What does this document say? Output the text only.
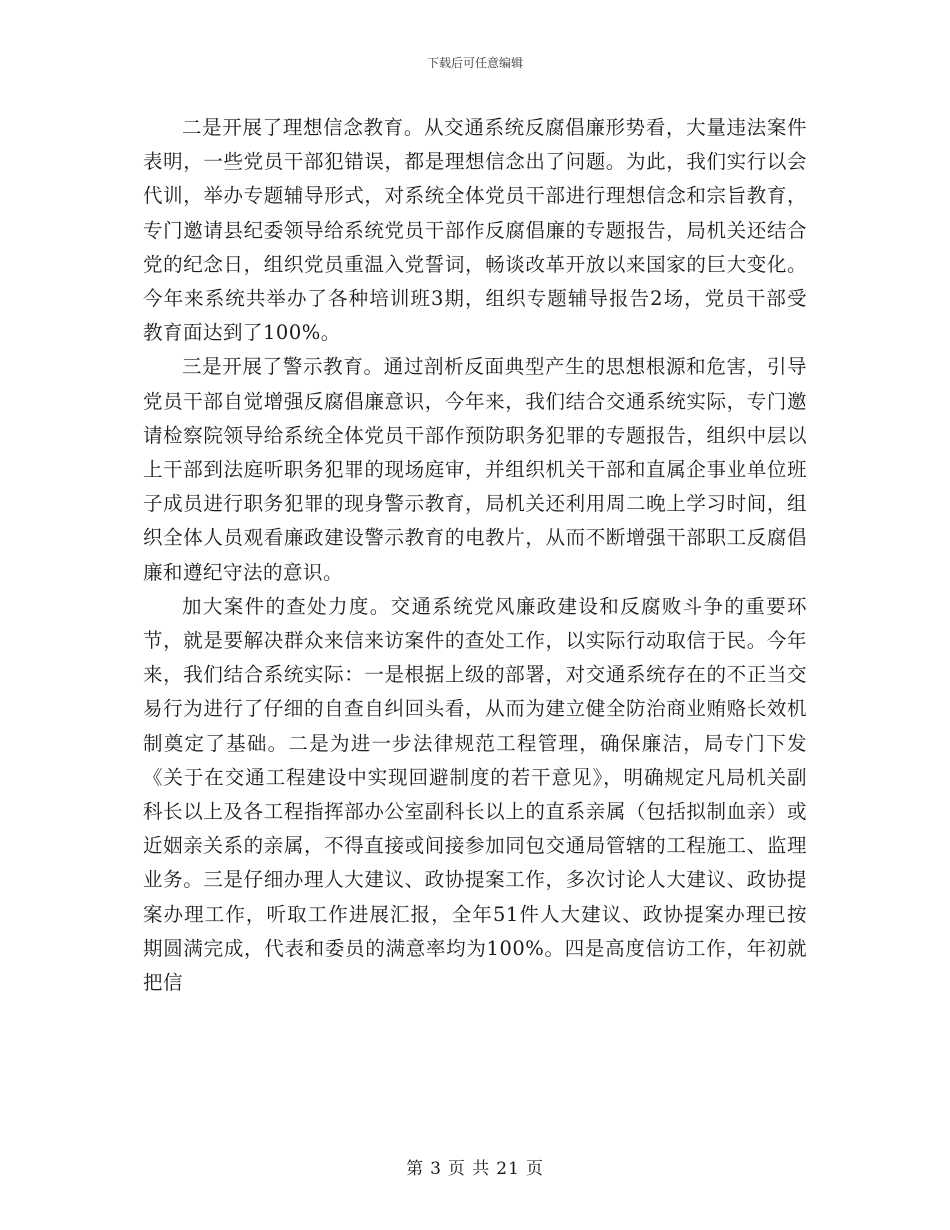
下载后可任意编辑

二是开展了理想信念教育。从交通系统反腐倡廉形势看，大量违法案件表明，一些党员干部犯错误，都是理想信念出了问题。为此，我们实行以会代训，举办专题辅导形式，对系统全体党员干部进行理想信念和宗旨教育，专门邀请县纪委领导给系统党员干部作反腐倡廉的专题报告，局机关还结合党的纪念日，组织党员重温入党誓词，畅谈改革开放以来国家的巨大变化。今年来系统共举办了各种培训班3期，组织专题辅导报告2场，党员干部受教育面达到了100%。

三是开展了警示教育。通过剖析反面典型产生的思想根源和危害，引导党员干部自觉增强反腐倡廉意识，今年来，我们结合交通系统实际，专门邀请检察院领导给系统全体党员干部作预防职务犯罪的专题报告，组织中层以上干部到法庭听职务犯罪的现场庭审，并组织机关干部和直属企事业单位班子成员进行职务犯罪的现身警示教育，局机关还利用周二晚上学习时间，组织全体人员观看廉政建设警示教育的电教片，从而不断增强干部职工反腐倡廉和遵纪守法的意识。

加大案件的查处力度。交通系统党风廉政建设和反腐败斗争的重要环节，就是要解决群众来信来访案件的查处工作，以实际行动取信于民。今年来，我们结合系统实际：一是根据上级的部署，对交通系统存在的不正当交易行为进行了仔细的自查自纠回头看，从而为建立健全防治商业贿赂长效机制奠定了基础。二是为进一步法律规范工程管理，确保廉洁，局专门下发《关于在交通工程建设中实现回避制度的若干意见》，明确规定凡局机关副科长以上及各工程指挥部办公室副科长以上的直系亲属（包括拟制血亲）或近姻亲关系的亲属，不得直接或间接参加同包交通局管辖的工程施工、监理业务。三是仔细办理人大建议、政协提案工作，多次讨论人大建议、政协提案办理工作，听取工作进展汇报，全年51件人大建议、政协提案办理已按期圆满完成，代表和委员的满意率均为100%。四是高度信访工作，年初就把信

第 3 页 共 21 页
